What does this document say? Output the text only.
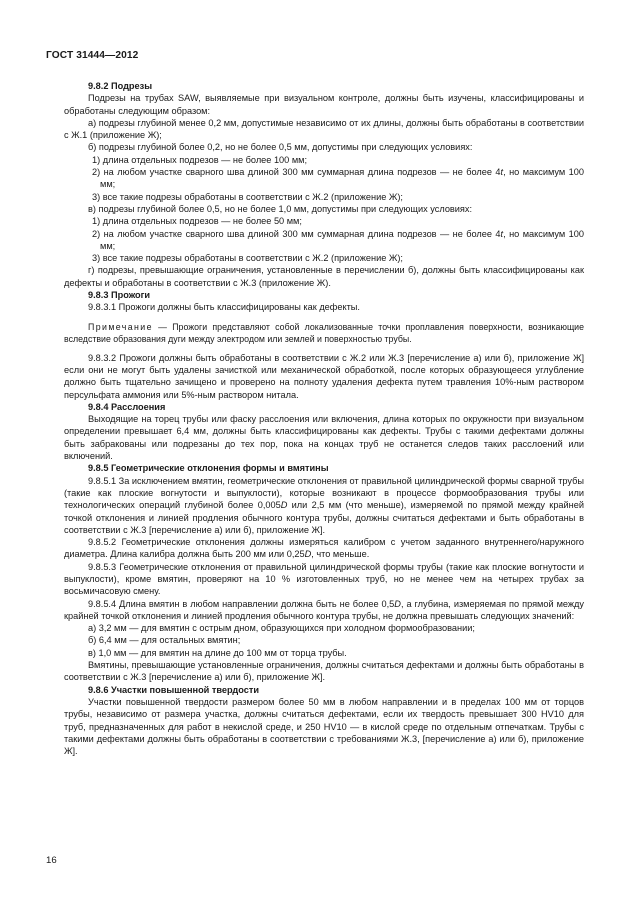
ГОСТ 31444—2012

9.8.2 Подрезы

Подрезы на трубах SAW, выявляемые при визуальном контроле, должны быть изучены, классифицированы и обработаны следующим образом:

а) подрезы глубиной менее 0,2 мм, допустимые независимо от их длины, должны быть обработаны в соответствии с Ж.1 (приложение Ж);

б) подрезы глубиной более 0,2, но не более 0,5 мм, допустимы при следующих условиях:

1) длина отдельных подрезов — не более 100 мм;

2) на любом участке сварного шва длиной 300 мм суммарная длина подрезов — не более 4t, но максимум 100 мм;

3) все такие подрезы обработаны в соответствии с Ж.2 (приложение Ж);

в) подрезы глубиной более 0,5, но не более 1,0 мм, допустимы при следующих условиях:

1) длина отдельных подрезов — не более 50 мм;

2) на любом участке сварного шва длиной 300 мм суммарная длина подрезов — не более 4t, но максимум 100 мм;

3) все такие подрезы обработаны в соответствии с Ж.2 (приложение Ж);

г) подрезы, превышающие ограничения, установленные в перечислении б), должны быть классифицированы как дефекты и обработаны в соответствии с Ж.3 (приложение Ж).

9.8.3 Прожоги

9.8.3.1 Прожоги должны быть классифицированы как дефекты.

Примечание — Прожоги представляют собой локализованные точки проплавления поверхности, возникающие вследствие образования дуги между электродом или землей и поверхностью трубы.

9.8.3.2 Прожоги должны быть обработаны в соответствии с Ж.2 или Ж.3 [перечисление а) или б), приложение Ж] если они не могут быть удалены зачисткой или механической обработкой, после которых образующееся углубление должно быть тщательно зачищено и проверено на полноту удаления дефекта путем травления 10%-ным раствором персульфата аммония или 5%-ным раствором нитала.

9.8.4 Расслоения

Выходящие на торец трубы или фаску расслоения или включения, длина которых по окружности при визуальном определении превышает 6,4 мм, должны быть классифицированы как дефекты. Трубы с такими дефектами должны быть забракованы или подрезаны до тех пор, пока на концах труб не останется следов таких расслоений или включений.

9.8.5 Геометрические отклонения формы и вмятины

9.8.5.1 За исключением вмятин, геометрические отклонения от правильной цилиндрической формы сварной трубы (такие как плоские вогнутости и выпуклости), которые возникают в процессе формообразования трубы или технологических операций глубиной более 0,005D или 2,5 мм (что меньше), измеряемой по прямой между крайней точкой отклонения и линией продления обычного контура трубы, должны считаться дефектами и быть обработаны в соответствии с Ж.3 [перечисление а) или б), приложение Ж].

9.8.5.2 Геометрические отклонения должны измеряться калибром с учетом заданного внутреннего/наружного диаметра. Длина калибра должна быть 200 мм или 0,25D, что меньше.

9.8.5.3 Геометрические отклонения от правильной цилиндрической формы трубы (такие как плоские вогнутости и выпуклости), кроме вмятин, проверяют на 10 % изготовленных труб, но не менее чем на четырех трубах за восьмичасовую смену.

9.8.5.4 Длина вмятин в любом направлении должна быть не более 0,5D, а глубина, измеряемая по прямой между крайней точкой отклонения и линией продления обычного контура трубы, не должна превышать следующих значений:

а) 3,2 мм — для вмятин с острым дном, образующихся при холодном формообразовании;

б) 6,4 мм — для остальных вмятин;

в) 1,0 мм — для вмятин на длине до 100 мм от торца трубы.

Вмятины, превышающие установленные ограничения, должны считаться дефектами и должны быть обработаны в соответствии с Ж.3 [перечисление а) или б), приложение Ж].

9.8.6 Участки повышенной твердости

Участки повышенной твердости размером более 50 мм в любом направлении и в пределах 100 мм от торцов трубы, независимо от размера участка, должны считаться дефектами, если их твердость превышает 300 HV10 для труб, предназначенных для работ в некислой среде, и 250 HV10 — в кислой среде по отдельным отпечаткам. Трубы с такими дефектами должны быть обработаны в соответствии с требованиями Ж.3, [перечисление а) или б), приложение Ж].

16
